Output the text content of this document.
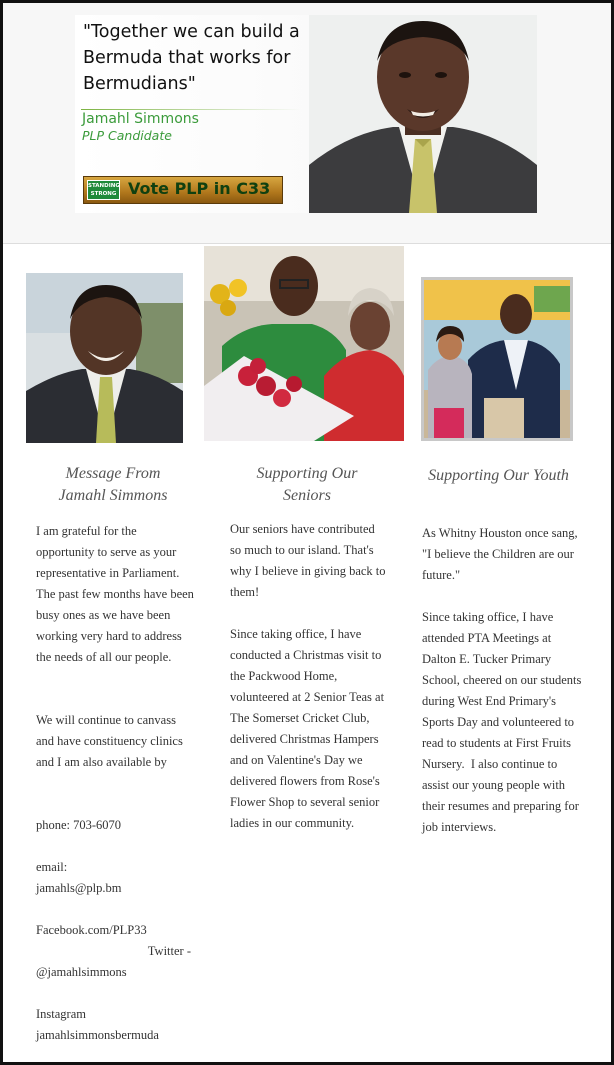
"Together we can build a Bermuda that works for Bermudians"

Jamahl Simmons
PLP Candidate
STANDING
STRONG Vote PLP in C33
Message From Jamahl Simmons
I am grateful for the opportunity to serve as your representative in Parliament.  The past few months have been busy ones as we have been working very hard to address the needs of all our people.
We will continue to canvass and have constituency clinics and I am also available by
phone: 703-6070
email:
jamahls@plp.bm
Facebook.com/PLP33
Twitter -
@jamahlsimmons
Instagram
jamahlsimmonsbermuda
Supporting Our Seniors
Our seniors have contributed so much to our island. That's why I believe in giving back to them!
Since taking office, I have conducted a Christmas visit to the Packwood Home, volunteered at 2 Senior Teas at The Somerset Cricket Club, delivered Christmas Hampers and on Valentine's Day we delivered flowers from Rose's Flower Shop to several senior ladies in our community.
Supporting Our Youth
As Whitny Houston once sang, "I believe the Children are our future."
Since taking office, I have attended PTA Meetings at Dalton E. Tucker Primary School, cheered on our students during West End Primary's Sports Day and volunteered to read to students at First Fruits Nursery.  I also continue to assist our young people with their resumes and preparing for job interviews.
